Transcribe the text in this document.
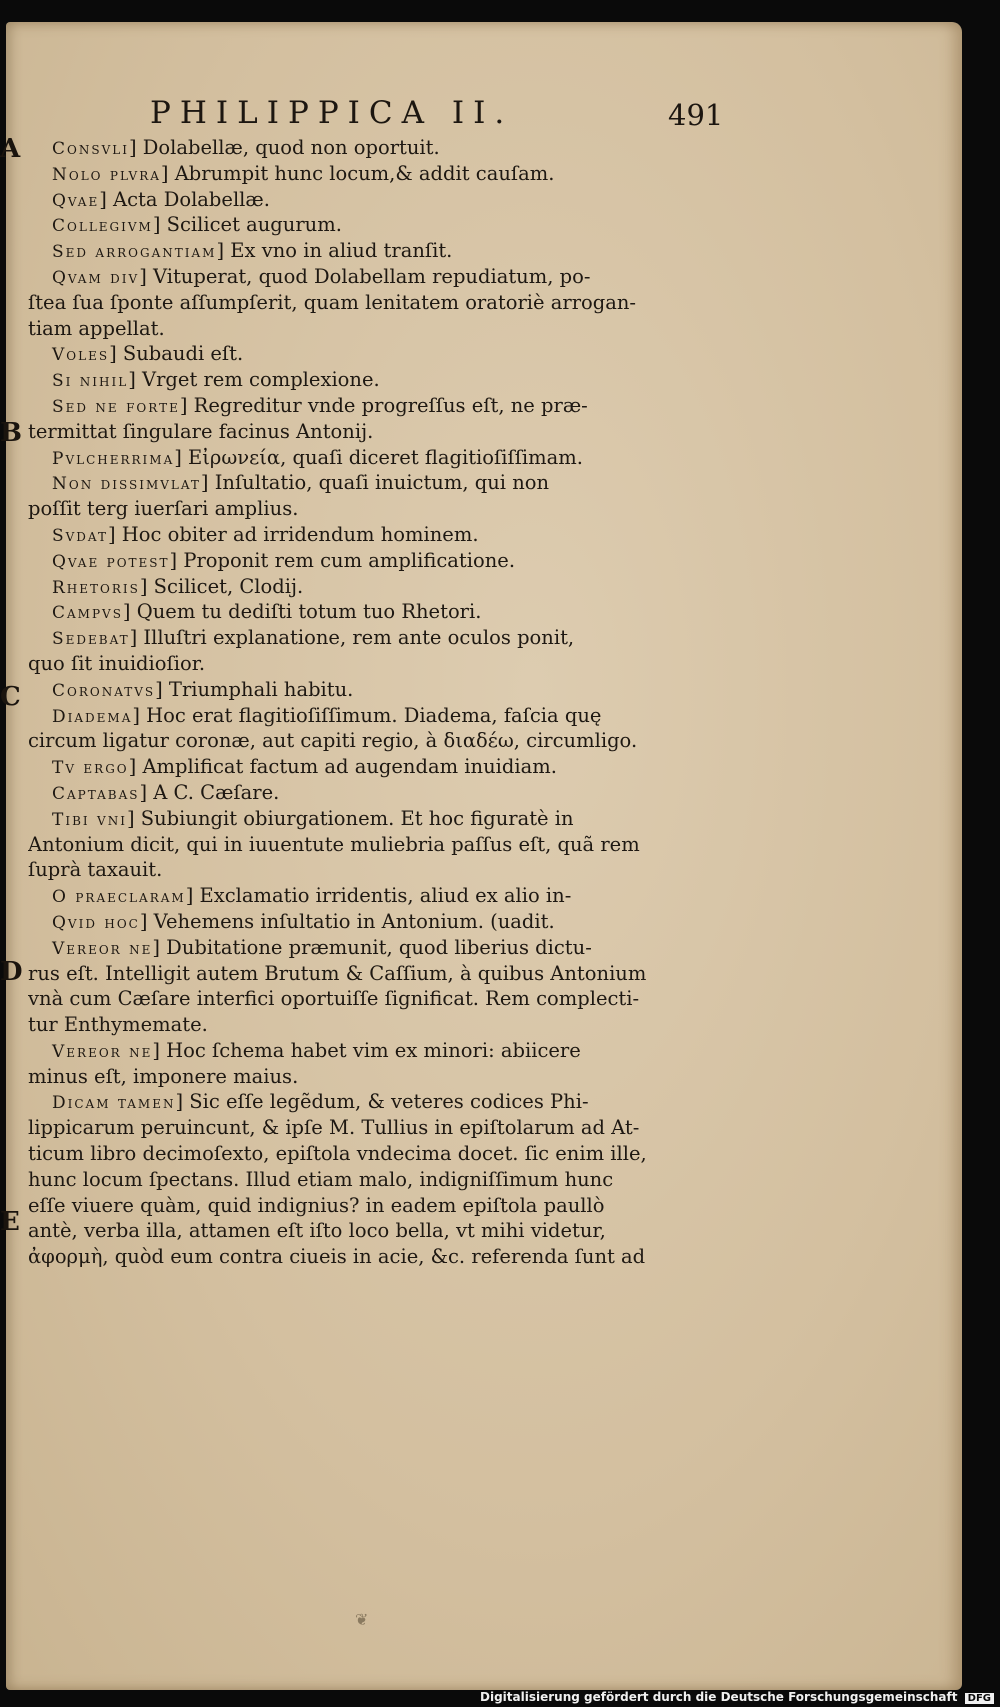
PHILIPPICA II.	491
A
B
C
D
E
Consvli] Dolabellæ, quod non oportuit.
Nolo plvra] Abrumpit hunc locum,& addit cauſam.
Qvae] Acta Dolabellæ.
Collegivm] Scilicet augurum.
Sed arrogantiam] Ex vno in aliud tranſit.
Qvam div] Vituperat, quod Dolabellam repudiatum, po-
ſtea ſua ſponte aſſumpſerit, quam lenitatem oratoriè arrogan-
tiam appellat.
Voles] Subaudi eſt.
Si nihil] Vrget rem complexione.
Sed ne forte] Regreditur vnde progreſſus eſt, ne præ-
termittat ſingulare facinus Antonij.
Pvlcherrima] Εἰρωνεία, quaſi diceret flagitioſiſſimam.
Non dissimvlat] Inſultatio, quaſi inuictum, qui non
poſſit terg iuerſari amplius.
Svdat] Hoc obiter ad irridendum hominem.
Qvae potest] Proponit rem cum amplificatione.
Rhetoris] Scilicet, Clodij.
Campvs] Quem tu dediſti totum tuo Rhetori.
Sedebat] Illuſtri explanatione, rem ante oculos ponit,
quo ſit inuidioſior.
Coronatvs] Triumphali habitu.
Diadema] Hoc erat flagitioſiſſimum. Diadema, faſcia quę
circum ligatur coronæ, aut capiti regio, à διαδέω, circumligo.
Tv ergo] Amplificat factum ad augendam inuidiam.
Captabas] A C. Cæſare.
Tibi vni] Subiungit obiurgationem. Et hoc figuratè in
Antonium dicit, qui in iuuentute muliebria paſſus eſt, quã rem
ſuprà taxauit.
O praeclaram] Exclamatio irridentis, aliud ex alio in-
Qvid hoc] Vehemens inſultatio in Antonium. (uadit.
Vereor ne] Dubitatione præmunit, quod liberius dictu-
rus eſt. Intelligit autem Brutum & Caſſium, à quibus Antonium
vnà cum Cæſare interfici oportuiſſe ſignificat. Rem complecti-
tur Enthymemate.
Vereor ne] Hoc ſchema habet vim ex minori: abiicere
minus eſt, imponere maius.
Dicam tamen] Sic eſſe legẽdum, & veteres codices Phi-
lippicarum peruincunt, & ipſe M. Tullius in epiſtolarum ad At-
ticum libro decimoſexto, epiſtola vndecima docet. ſic enim ille,
hunc locum ſpectans. Illud etiam malo, indigniſſimum hunc
eſſe viuere quàm, quid indignius? in eadem epiſtola paullò
antè, verba illa, attamen eſt iſto loco bella, vt mihi videtur,
ἀφορμὴ, quòd eum contra ciueis in acie, &c. referenda ſunt ad
❦
Digitalisierung gefördert durch die Deutsche Forschungsgemeinschaft DFG
